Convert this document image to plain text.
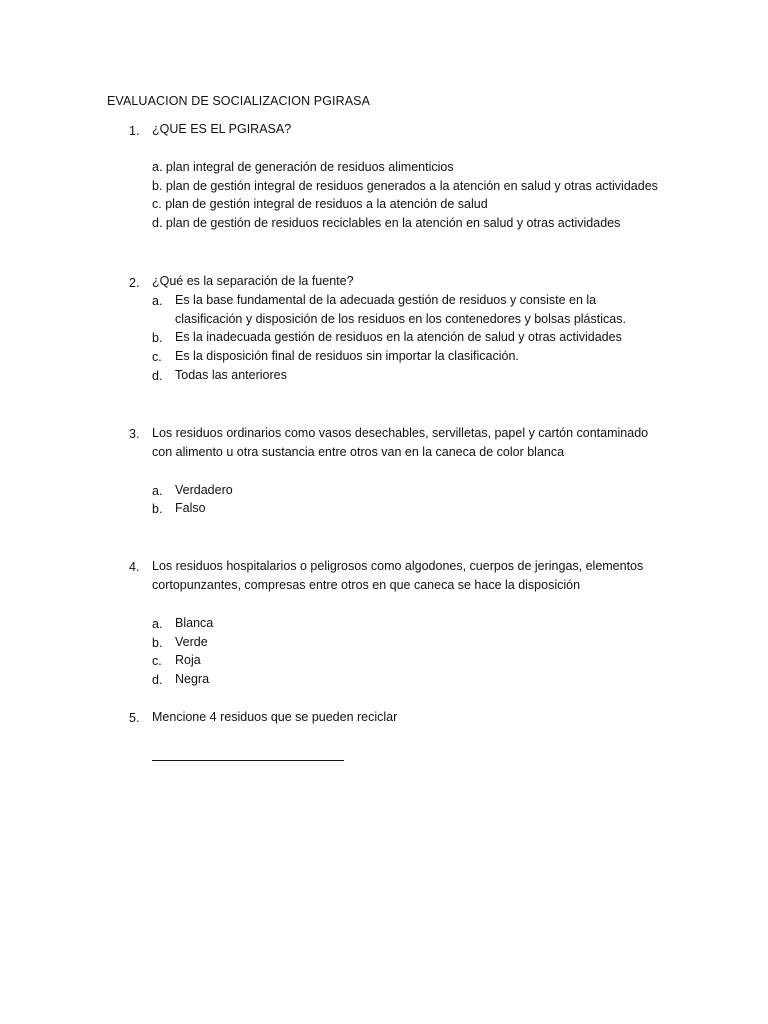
EVALUACION DE SOCIALIZACION PGIRASA
1. ¿QUE ES EL PGIRASA?
a. plan integral de generación de residuos alimenticios
b. plan de gestión integral de residuos generados a la atención en salud y otras actividades
c. plan de gestión integral de residuos a la atención de salud
d. plan de gestión de residuos reciclables en la atención en salud y otras actividades
2. ¿Qué es la separación de la fuente?
a. Es la base fundamental de la adecuada gestión de residuos y consiste en la
clasificación y disposición de los residuos en los contenedores y bolsas plásticas.
b. Es la inadecuada gestión de residuos en la atención de salud y otras actividades
c. Es la disposición final de residuos sin importar la clasificación.
d. Todas las anteriores
3. Los residuos ordinarios como vasos desechables, servilletas, papel y cartón contaminado
con alimento u otra sustancia entre otros van en la caneca de color blanca
a. Verdadero
b. Falso
4. Los residuos hospitalarios o peligrosos como algodones, cuerpos de jeringas, elementos
cortopunzantes, compresas entre otros en que caneca se hace la disposición
a. Blanca
b. Verde
c. Roja
d. Negra
5. Mencione 4 residuos que se pueden reciclar
